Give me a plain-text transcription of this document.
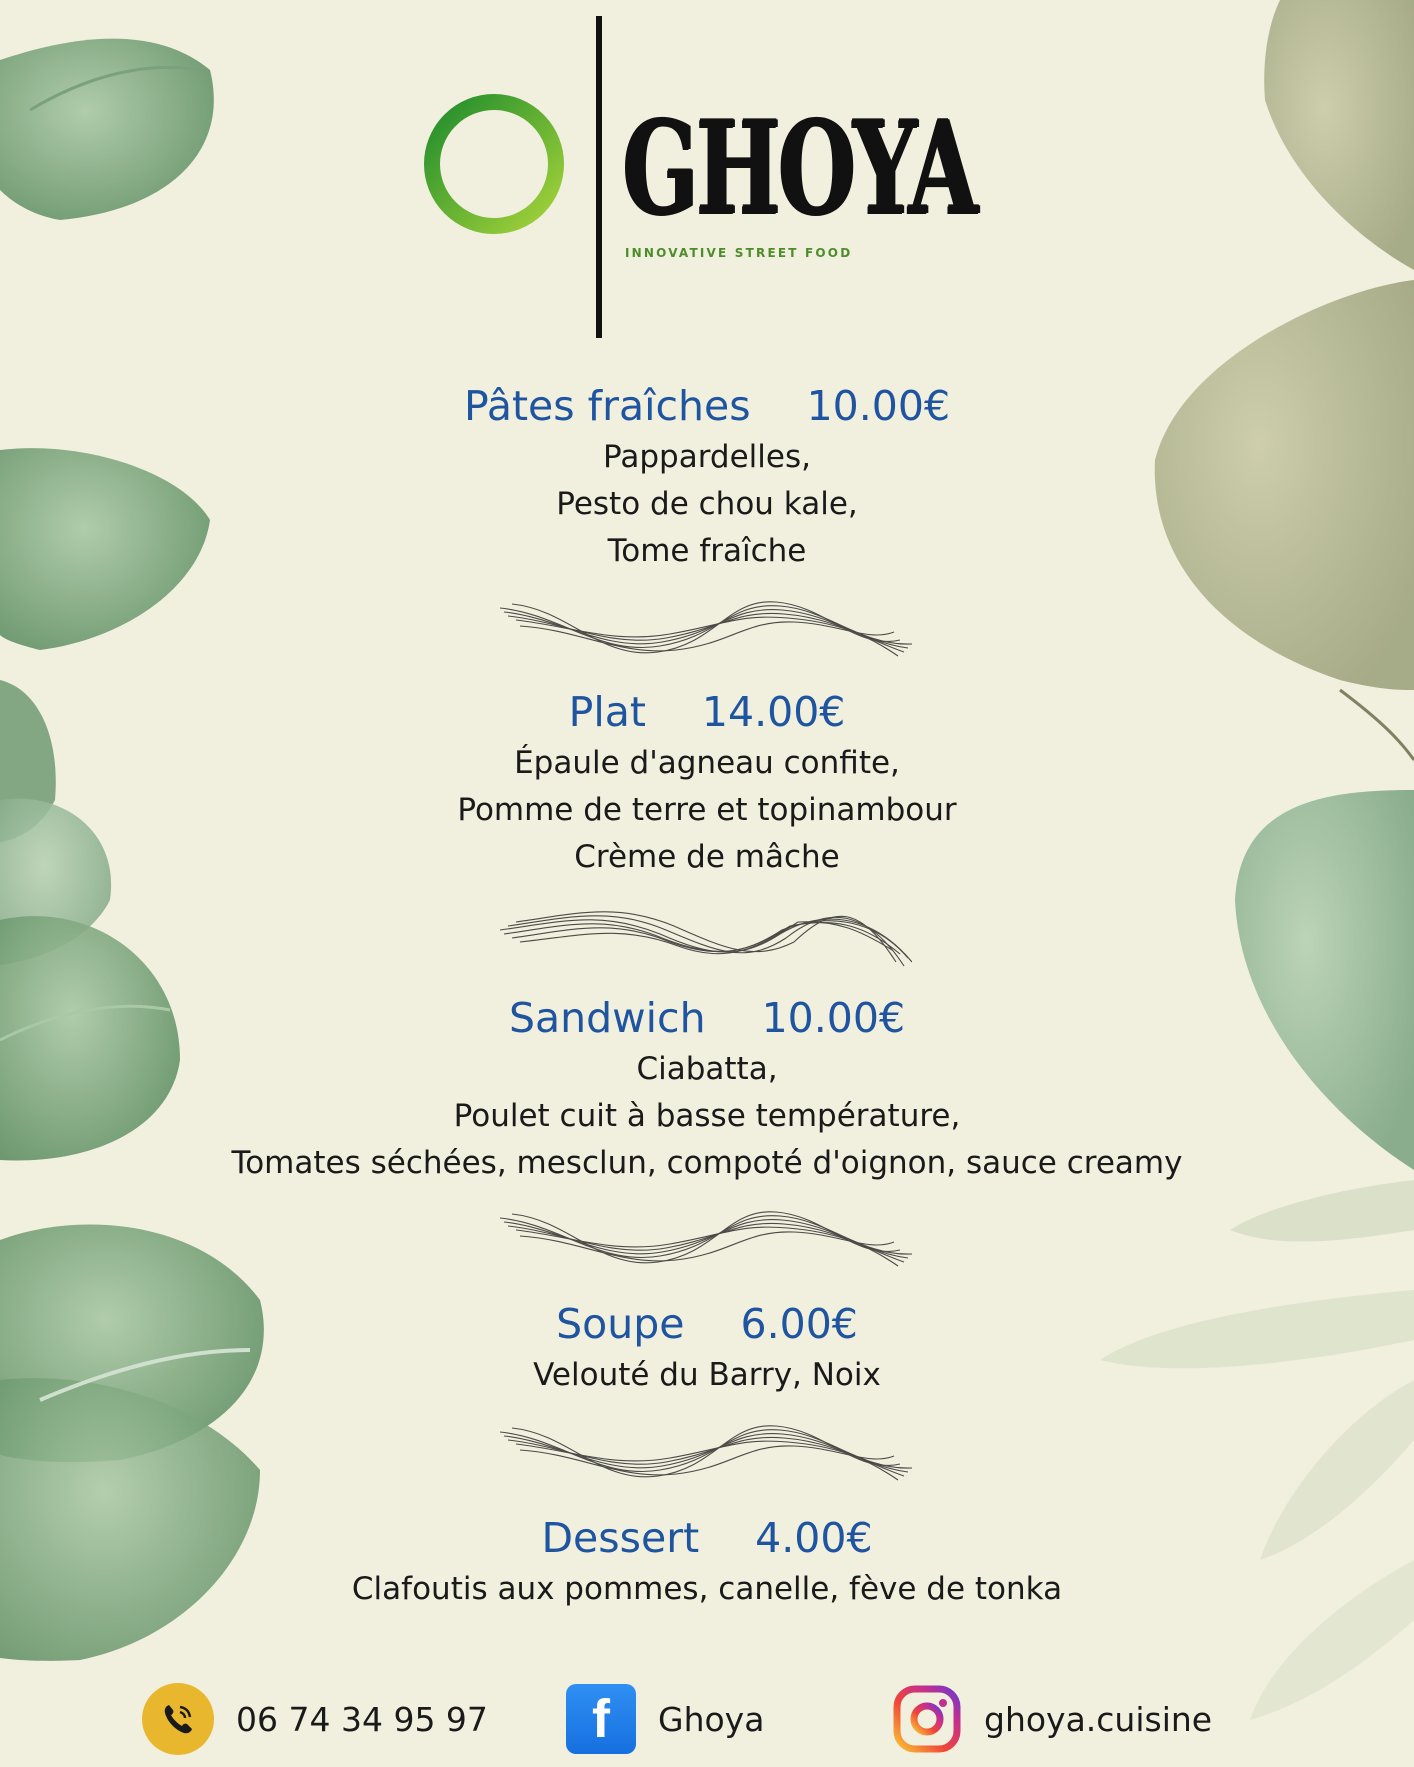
GHOYA
INNOVATIVE STREET FOOD
Pâtes fraîches 10.00€
Pappardelles,
Pesto de chou kale,
Tome fraîche
Plat 14.00€
Épaule d'agneau confite,
Pomme de terre et topinambour
Crème de mâche
Sandwich 10.00€
Ciabatta,
Poulet cuit à basse température,
Tomates séchées, mesclun, compoté d'oignon, sauce creamy
Soupe 6.00€
Velouté du Barry, Noix
Dessert 4.00€
Clafoutis aux pommes, canelle, fève de tonka
06 74 34 95 97 f Ghoya	ghoya.cuisine
